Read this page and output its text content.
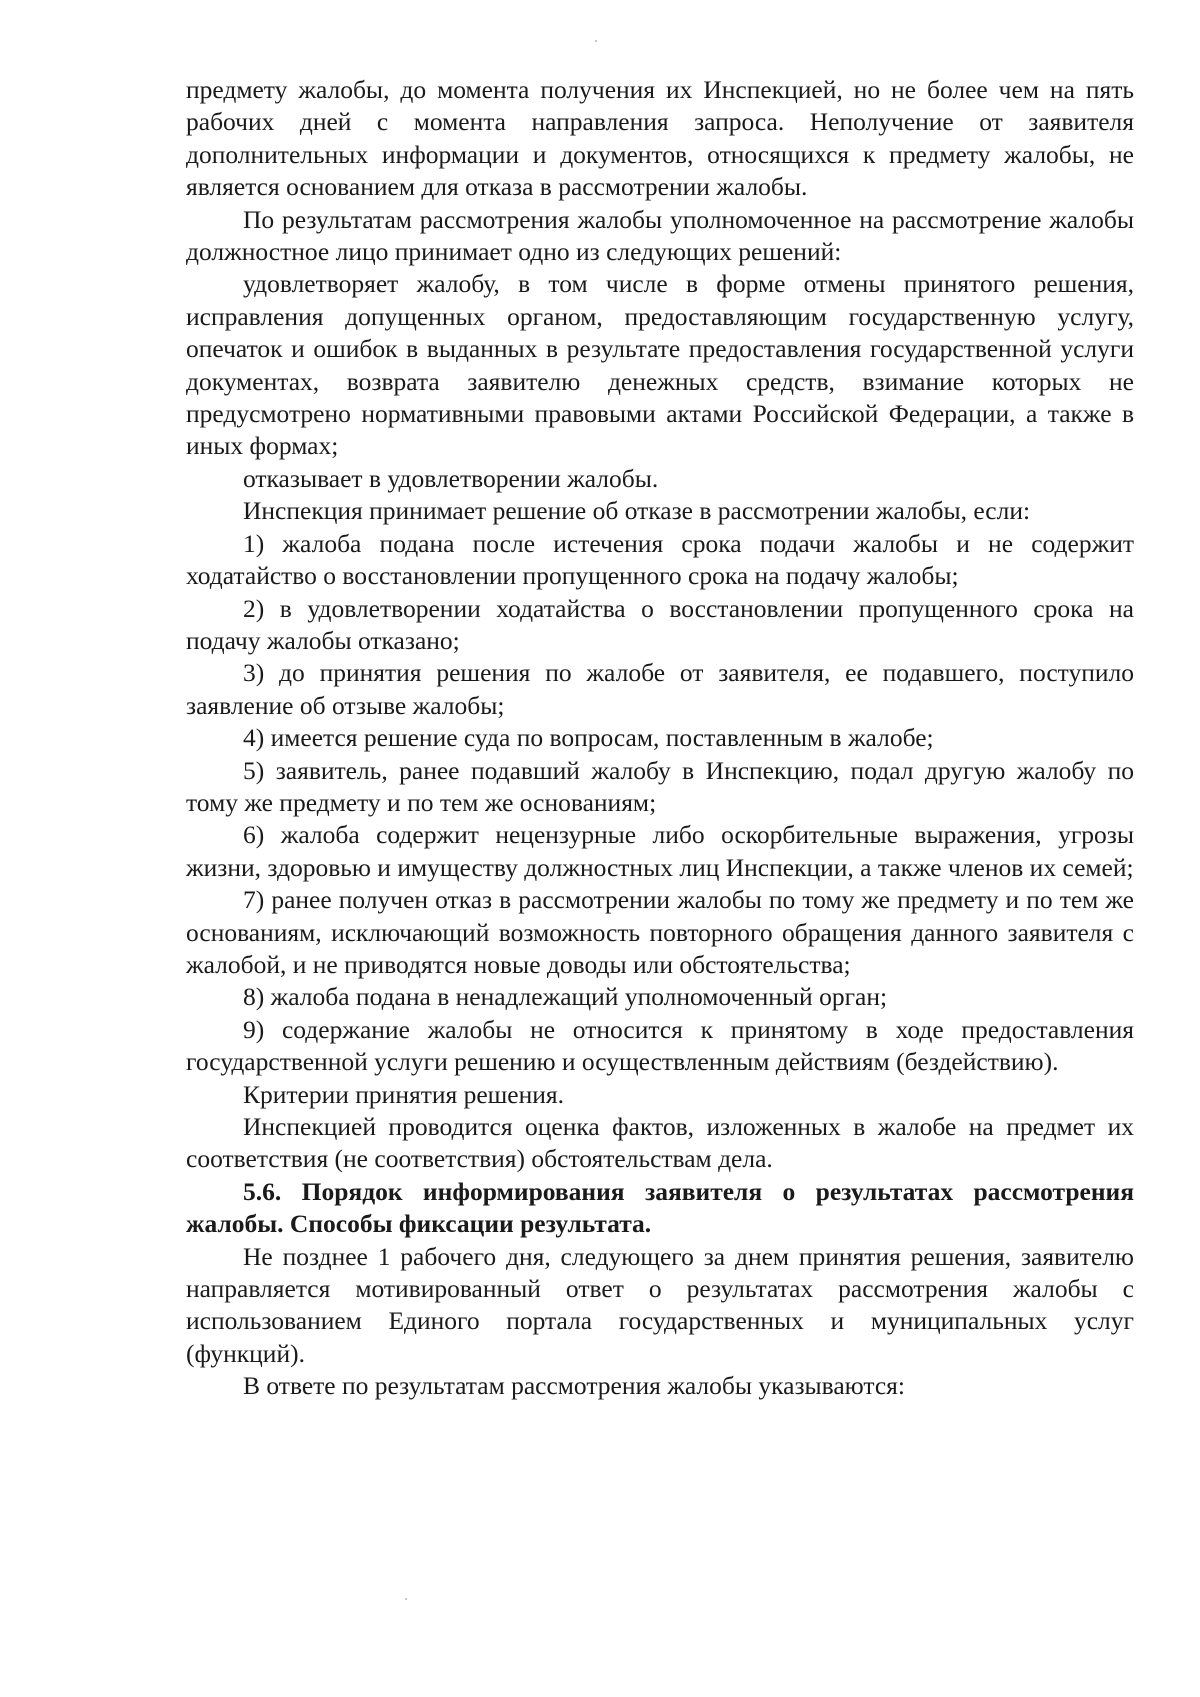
предмету жалобы, до момента получения их Инспекцией, но не более чем на пять рабочих дней с момента направления запроса. Неполучение от заявителя дополнительных информации и документов, относящихся к предмету жалобы, не является основанием для отказа в рассмотрении жалобы.

По результатам рассмотрения жалобы уполномоченное на рассмотрение жалобы должностное лицо принимает одно из следующих решений:

удовлетворяет жалобу, в том числе в форме отмены принятого решения, исправления допущенных органом, предоставляющим государственную услугу, опечаток и ошибок в выданных в результате предоставления государственной услуги документах, возврата заявителю денежных средств, взимание которых не предусмотрено нормативными правовыми актами Российской Федерации, а также в иных формах;

отказывает в удовлетворении жалобы.

Инспекция принимает решение об отказе в рассмотрении жалобы, если:

1) жалоба подана после истечения срока подачи жалобы и не содержит ходатайство о восстановлении пропущенного срока на подачу жалобы;

2) в удовлетворении ходатайства о восстановлении пропущенного срока на подачу жалобы отказано;

3) до принятия решения по жалобе от заявителя, ее подавшего, поступило заявление об отзыве жалобы;

4) имеется решение суда по вопросам, поставленным в жалобе;

5) заявитель, ранее подавший жалобу в Инспекцию, подал другую жалобу по тому же предмету и по тем же основаниям;

6) жалоба содержит нецензурные либо оскорбительные выражения, угрозы жизни, здоровью и имуществу должностных лиц Инспекции, а также членов их семей;

7) ранее получен отказ в рассмотрении жалобы по тому же предмету и по тем же основаниям, исключающий возможность повторного обращения данного заявителя с жалобой, и не приводятся новые доводы или обстоятельства;

8) жалоба подана в ненадлежащий уполномоченный орган;

9) содержание жалобы не относится к принятому в ходе предоставления государственной услуги решению и осуществленным действиям (бездействию).

Критерии принятия решения.

Инспекцией проводится оценка фактов, изложенных в жалобе на предмет их соответствия (не соответствия) обстоятельствам дела.

5.6. Порядок информирования заявителя о результатах рассмотрения жалобы. Способы фиксации результата.

Не позднее 1 рабочего дня, следующего за днем принятия решения, заявителю направляется мотивированный ответ о результатах рассмотрения жалобы с использованием Единого портала государственных и муниципальных услуг (функций).

В ответе по результатам рассмотрения жалобы указываются:
